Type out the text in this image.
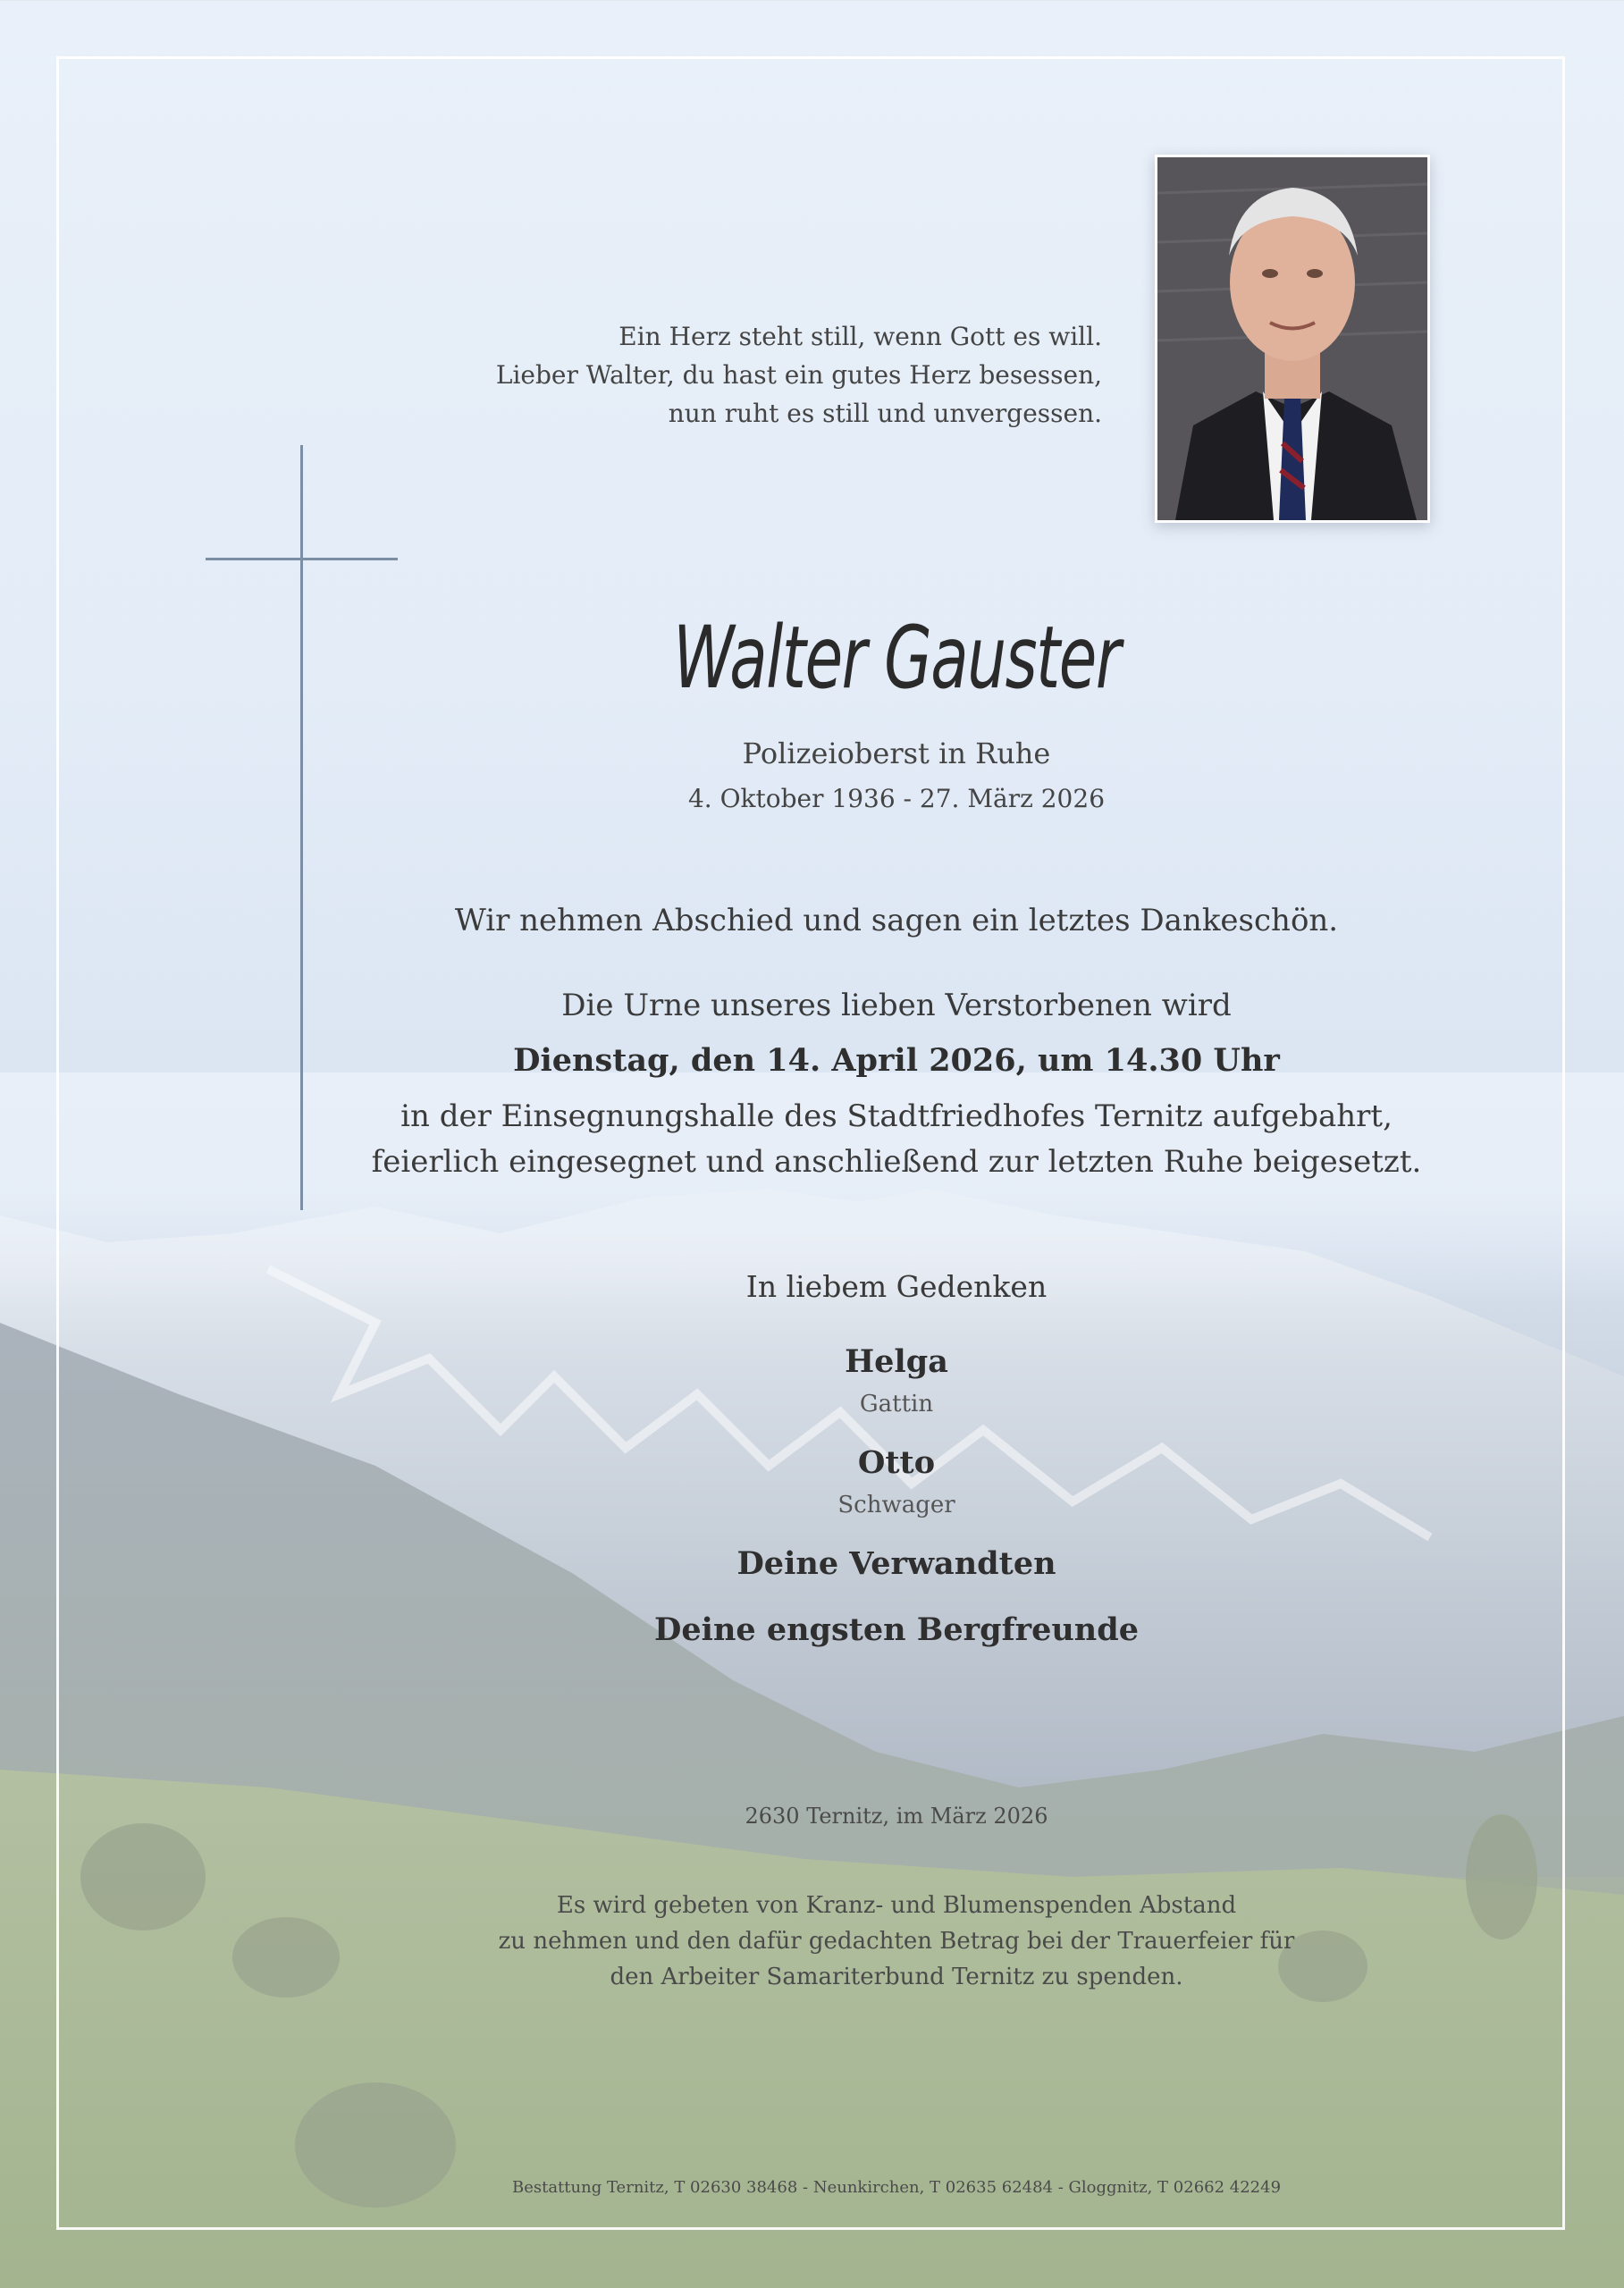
Ein Herz steht still, wenn Gott es will.
Lieber Walter, du hast ein gutes Herz besessen,
nun ruht es still und unvergessen.
Walter Gauster
Polizeioberst in Ruhe
4. Oktober 1936 - 27. März 2026
Wir nehmen Abschied und sagen ein letztes Dankeschön.
Die Urne unseres lieben Verstorbenen wird
Dienstag, den 14. April 2026, um 14.30 Uhr
in der Einsegnungshalle des Stadtfriedhofes Ternitz aufgebahrt,
feierlich eingesegnet und anschließend zur letzten Ruhe beigesetzt.
In liebem Gedenken
Helga
Gattin
Otto
Schwager
Deine Verwandten
Deine engsten Bergfreunde
2630 Ternitz, im März 2026
Es wird gebeten von Kranz- und Blumenspenden Abstand
zu nehmen und den dafür gedachten Betrag bei der Trauerfeier für
den Arbeiter Samariterbund Ternitz zu spenden.
Bestattung Ternitz, T 02630 38468 - Neunkirchen, T 02635 62484 - Gloggnitz, T 02662 42249
